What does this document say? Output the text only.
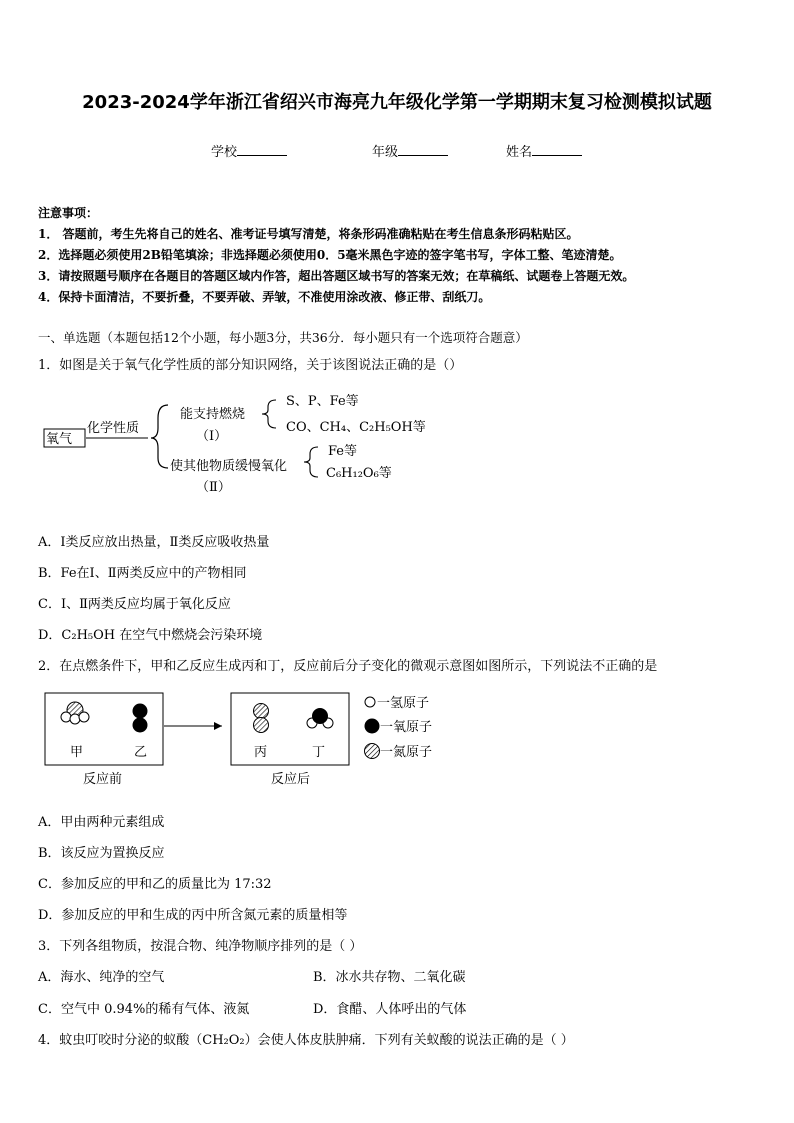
2023-2024学年浙江省绍兴市海亮九年级化学第一学期期末复习检测模拟试题
学校	年级	姓名
注意事项：
1． 答题前，考生先将自己的姓名、准考证号填写清楚，将条形码准确粘贴在考生信息条形码粘贴区。
2．选择题必须使用2B铅笔填涂；非选择题必须使用0．5毫米黑色字迹的签字笔书写，字体工整、笔迹清楚。
3．请按照题号顺序在各题目的答题区域内作答，超出答题区域书写的答案无效；在草稿纸、试题卷上答题无效。
4．保持卡面清洁，不要折叠，不要弄破、弄皱，不准使用涂改液、修正带、刮纸刀。
一、单选题（本题包括12个小题，每小题3分，共36分．每小题只有一个选项符合题意）
1．如图是关于氧气化学性质的部分知识网络，关于该图说法正确的是（）
氧气
化学性质
能支持燃烧
（Ⅰ）
S、P、Fe等
CO、CH₄、C₂H₅OH等
使其他物质缓慢氧化
（Ⅱ）
Fe等
C₆H₁₂O₆等
A．Ⅰ类反应放出热量，Ⅱ类反应吸收热量
B．Fe在Ⅰ、Ⅱ两类反应中的产物相同
C．Ⅰ、Ⅱ两类反应均属于氧化反应
D．C₂H₅OH 在空气中燃烧会污染环境
2．在点燃条件下，甲和乙反应生成丙和丁，反应前后分子变化的微观示意图如图所示，下列说法不正确的是
甲	乙
反应前
丙	丁
反应后
一氢原子
一氧原子
一氮原子
A．甲由两种元素组成
B．该反应为置换反应
C．参加反应的甲和乙的质量比为 17:32
D．参加反应的甲和生成的丙中所含氮元素的质量相等
3．下列各组物质，按混合物、纯净物顺序排列的是（ ）
A．海水、纯净的空气	B．冰水共存物、二氧化碳
C．空气中 0.94%的稀有气体、液氮	D．食醋、人体呼出的气体
4．蚊虫叮咬时分泌的蚁酸（CH₂O₂）会使人体皮肤肿痛．下列有关蚁酸的说法正确的是（ ）
